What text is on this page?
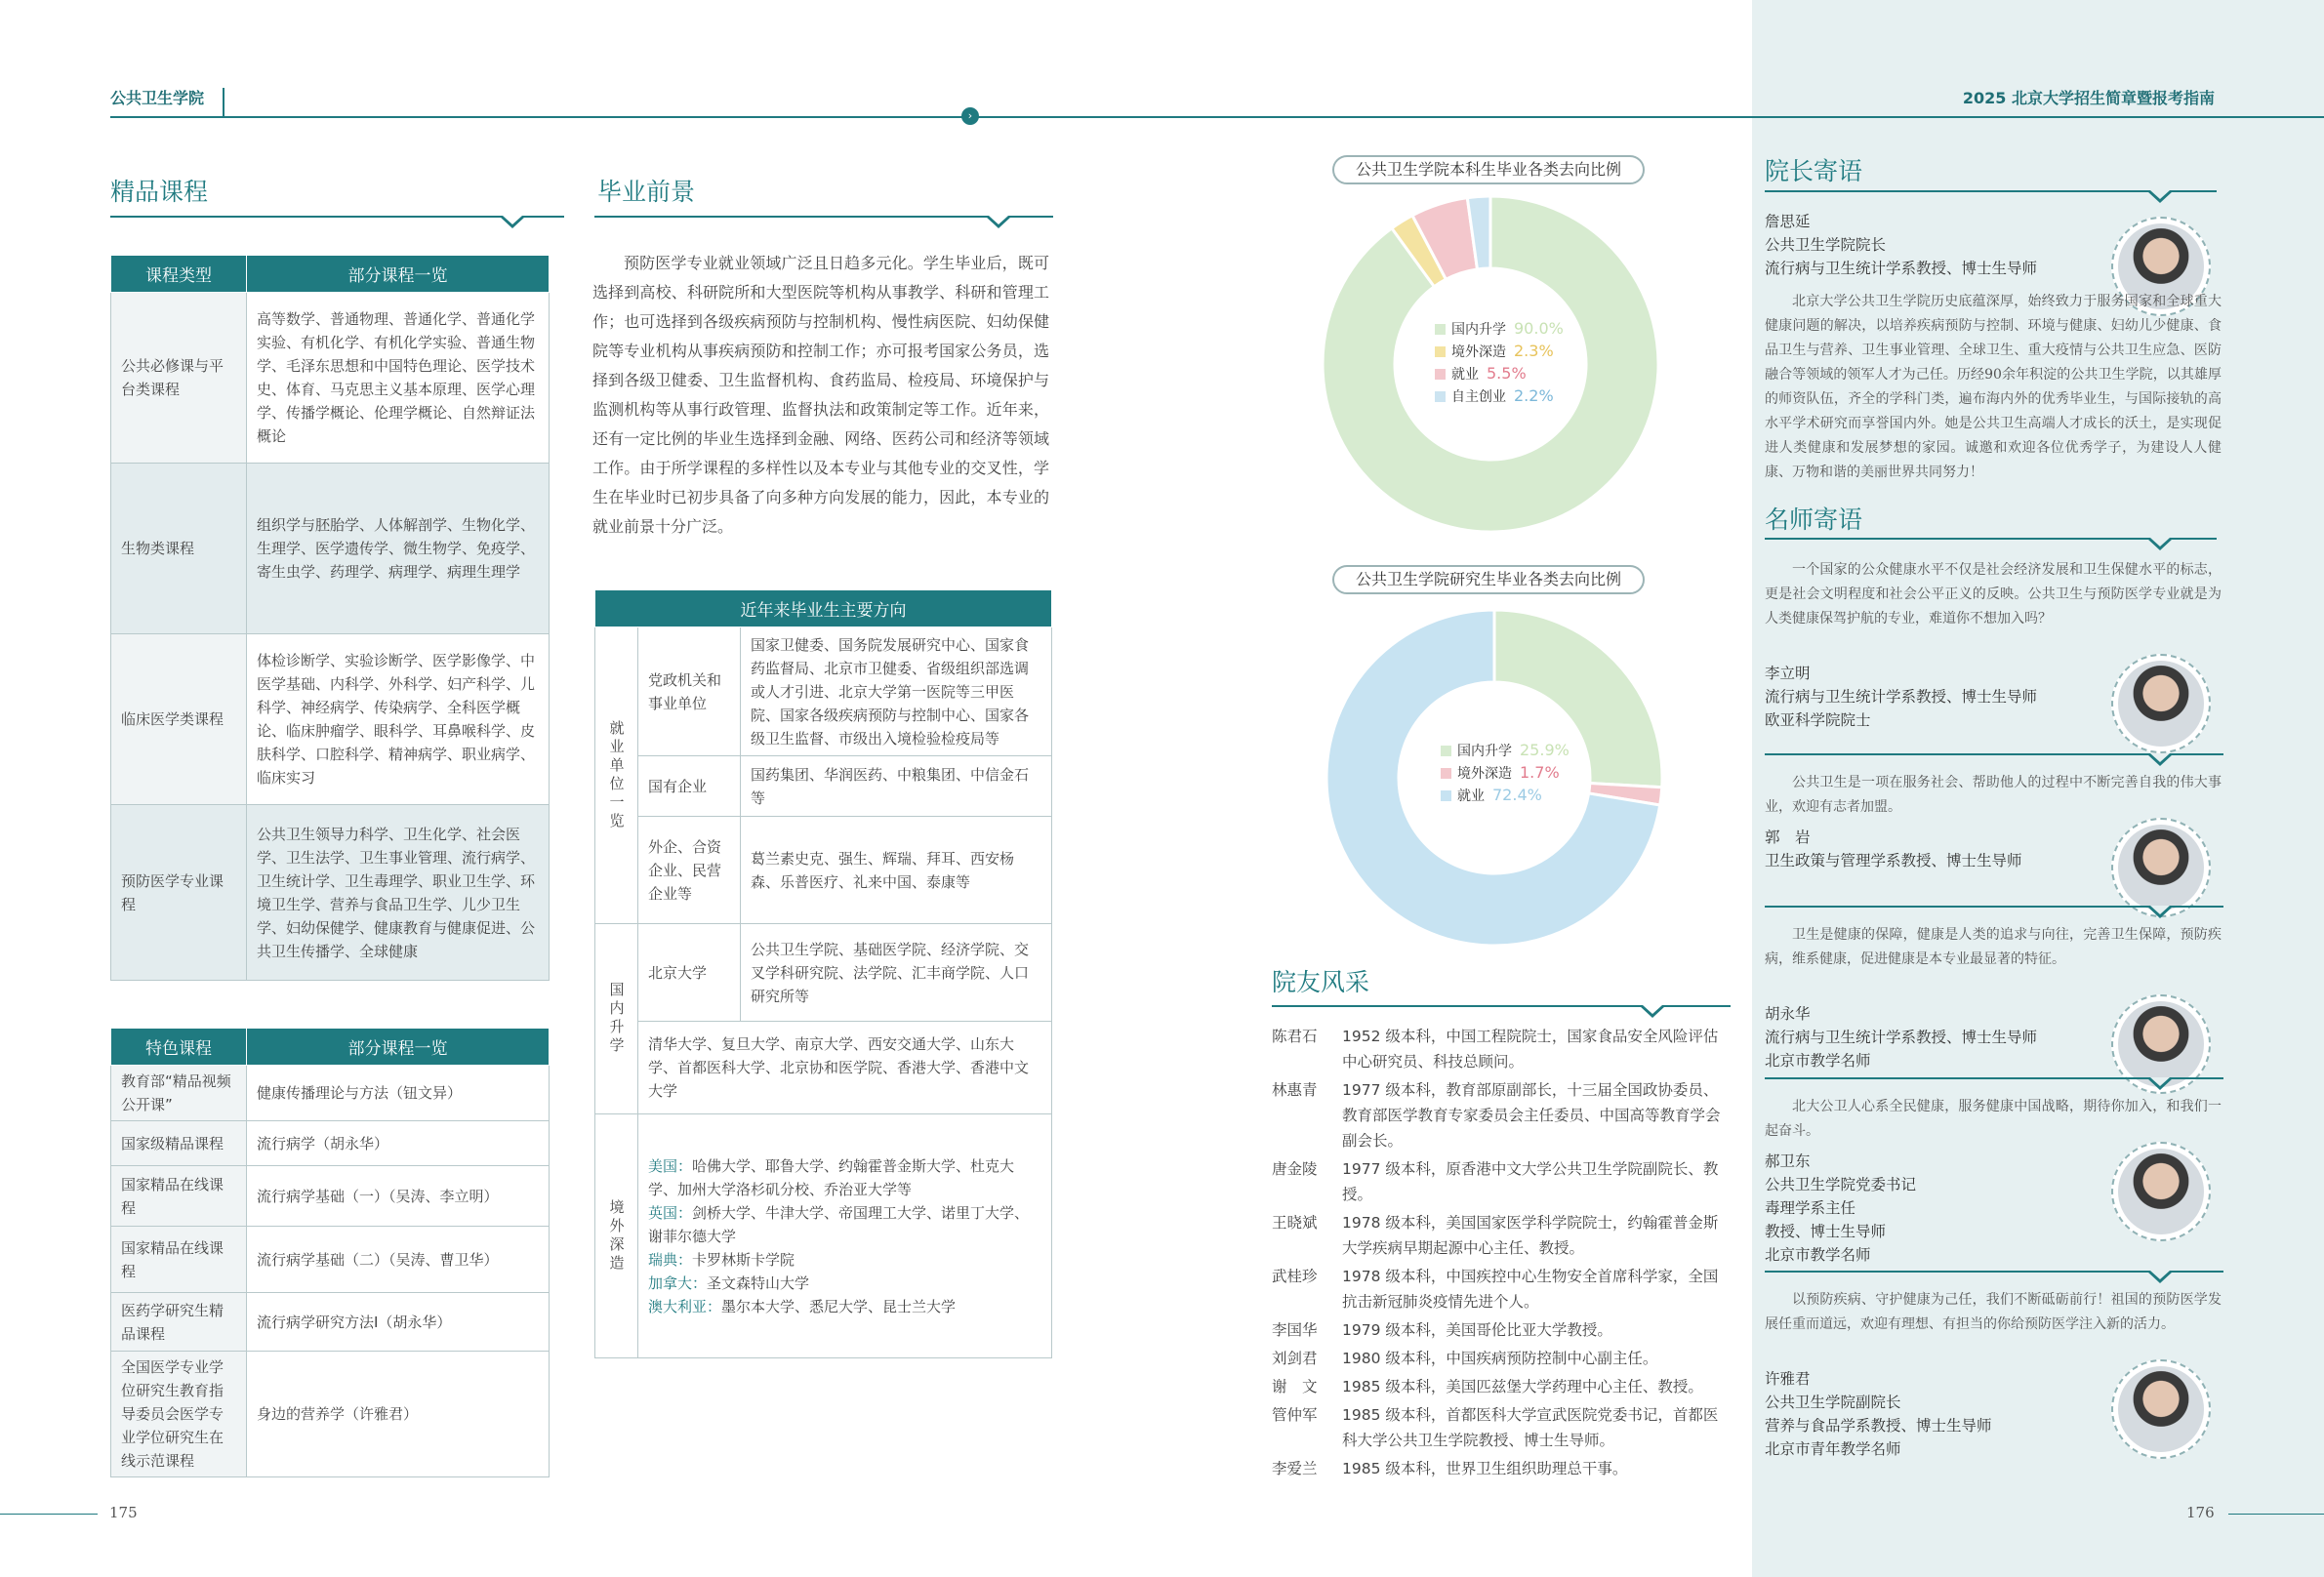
公共卫生学院	2025 北京大学招生简章暨报考指南
›
精品课程
课程类型	部分课程一览
公共必修课与平台类课程	高等数学、普通物理、普通化学、普通化学实验、有机化学、有机化学实验、普通生物学、毛泽东思想和中国特色理论、医学技术史、体育、马克思主义基本原理、医学心理学、传播学概论、伦理学概论、自然辩证法概论
生物类课程	组织学与胚胎学、人体解剖学、生物化学、生理学、医学遗传学、微生物学、免疫学、寄生虫学、药理学、病理学、病理生理学
临床医学类课程	体检诊断学、实验诊断学、医学影像学、中医学基础、内科学、外科学、妇产科学、儿科学、神经病学、传染病学、全科医学概论、临床肿瘤学、眼科学、耳鼻喉科学、皮肤科学、口腔科学、精神病学、职业病学、临床实习
预防医学专业课程	公共卫生领导力科学、卫生化学、社会医学、卫生法学、卫生事业管理、流行病学、卫生统计学、卫生毒理学、职业卫生学、环境卫生学、营养与食品卫生学、儿少卫生学、妇幼保健学、健康教育与健康促进、公共卫生传播学、全球健康
特色课程	部分课程一览
教育部“精品视频公开课”	健康传播理论与方法（钮文异）
国家级精品课程	流行病学（胡永华）
国家精品在线课程	流行病学基础（一）（吴涛、李立明）
国家精品在线课程	流行病学基础（二）（吴涛、曹卫华）
医药学研究生精品课程	流行病学研究方法I（胡永华）
全国医学专业学位研究生教育指导委员会医学专业学位研究生在线示范课程	身边的营养学（许雅君）
毕业前景

预防医学专业就业领域广泛且日趋多元化。学生毕业后，既可选择到高校、科研院所和大型医院等机构从事教学、科研和管理工作；也可选择到各级疾病预防与控制机构、慢性病医院、妇幼保健院等专业机构从事疾病预防和控制工作；亦可报考国家公务员，选择到各级卫健委、卫生监督机构、食药监局、检疫局、环境保护与监测机构等从事行政管理、监督执法和政策制定等工作。近年来，还有一定比例的毕业生选择到金融、网络、医药公司和经济等领域工作。由于所学课程的多样性以及本专业与其他专业的交叉性，学生在毕业时已初步具备了向多种方向发展的能力，因此，本专业的就业前景十分广泛。

近年来毕业生主要方向		
就业单位一览	党政机关和事业单位	国家卫健委、国务院发展研究中心、国家食药监督局、北京市卫健委、省级组织部选调或人才引进、北京大学第一医院等三甲医院、国家各级疾病预防与控制中心、国家各级卫生监督、市级出入境检验检疫局等
	国有企业	国药集团、华润医药、中粮集团、中信金石等
	外企、合资企业、民营企业等	葛兰素史克、强生、辉瑞、拜耳、西安杨森、乐普医疗、礼来中国、泰康等
国内升学	北京大学	公共卫生学院、基础医学院、经济学院、交叉学科研究院、法学院、汇丰商学院、人口研究所等
	清华大学、复旦大学、南京大学、西安交通大学、山东大学、首都医科大学、北京协和医学院、香港大学、香港中文大学	
境外深造	美国：哈佛大学、耶鲁大学、约翰霍普金斯大学、杜克大学、加州大学洛杉矶分校、乔治亚大学等
英国：剑桥大学、牛津大学、帝国理工大学、诺里丁大学、谢菲尔德大学
瑞典：卡罗林斯卡学院
加拿大：圣文森特山大学
澳大利亚：墨尔本大学、悉尼大学、昆士兰大学	
公共卫生学院本科生毕业各类去向比例
国内升学 90.0%
境外深造 2.3%
就业 5.5%
自主创业 2.2%
公共卫生学院研究生毕业各类去向比例
国内升学 25.9%
境外深造 1.7%
就业 72.4%
院友风采
陈君石	1952 级本科，中国工程院院士，国家食品安全风险评估中心研究员、科技总顾问。
林惠青	1977 级本科，教育部原副部长，十三届全国政协委员、教育部医学教育专家委员会主任委员、中国高等教育学会副会长。
唐金陵	1977 级本科，原香港中文大学公共卫生学院副院长、教授。
王晓斌	1978 级本科，美国国家医学科学院院士，约翰霍普金斯大学疾病早期起源中心主任、教授。
武桂珍	1978 级本科，中国疾控中心生物安全首席科学家，全国抗击新冠肺炎疫情先进个人。
李国华	1979 级本科，美国哥伦比亚大学教授。
刘剑君	1980 级本科，中国疾病预防控制中心副主任。
谢　文	1985 级本科，美国匹兹堡大学药理中心主任、教授。
管仲军	1985 级本科，首都医科大学宣武医院党委书记，首都医科大学公共卫生学院教授、博士生导师。
李爱兰	1985 级本科，世界卫生组织助理总干事。
院长寄语
詹思延
公共卫生学院院长
流行病与卫生统计学系教授、博士生导师

北京大学公共卫生学院历史底蕴深厚，始终致力于服务国家和全球重大健康问题的解决，以培养疾病预防与控制、环境与健康、妇幼儿少健康、食品卫生与营养、卫生事业管理、全球卫生、重大疫情与公共卫生应急、医防融合等领域的领军人才为己任。历经90余年积淀的公共卫生学院，以其雄厚的师资队伍，齐全的学科门类，遍布海内外的优秀毕业生，与国际接轨的高水平学术研究而享誉国内外。她是公共卫生高端人才成长的沃土，是实现促进人类健康和发展梦想的家园。诚邀和欢迎各位优秀学子，为建设人人健康、万物和谐的美丽世界共同努力！

名师寄语

一个国家的公众健康水平不仅是社会经济发展和卫生保健水平的标志，更是社会文明程度和社会公平正义的反映。公共卫生与预防医学专业就是为人类健康保驾护航的专业，难道你不想加入吗？

李立明
流行病与卫生统计学系教授、博士生导师
欧亚科学院院士

公共卫生是一项在服务社会、帮助他人的过程中不断完善自我的伟大事业，欢迎有志者加盟。

郭　岩
卫生政策与管理学系教授、博士生导师

卫生是健康的保障，健康是人类的追求与向往，完善卫生保障，预防疾病，维系健康，促进健康是本专业最显著的特征。

胡永华
流行病与卫生统计学系教授、博士生导师
北京市教学名师

北大公卫人心系全民健康，服务健康中国战略，期待你加入，和我们一起奋斗。

郝卫东
公共卫生学院党委书记
毒理学系主任
教授、博士生导师
北京市教学名师

以预防疾病、守护健康为己任，我们不断砥砺前行！祖国的预防医学发展任重而道远，欢迎有理想、有担当的你给预防医学注入新的活力。

许雅君
公共卫生学院副院长
营养与食品学系教授、博士生导师
北京市青年教学名师
175	176
